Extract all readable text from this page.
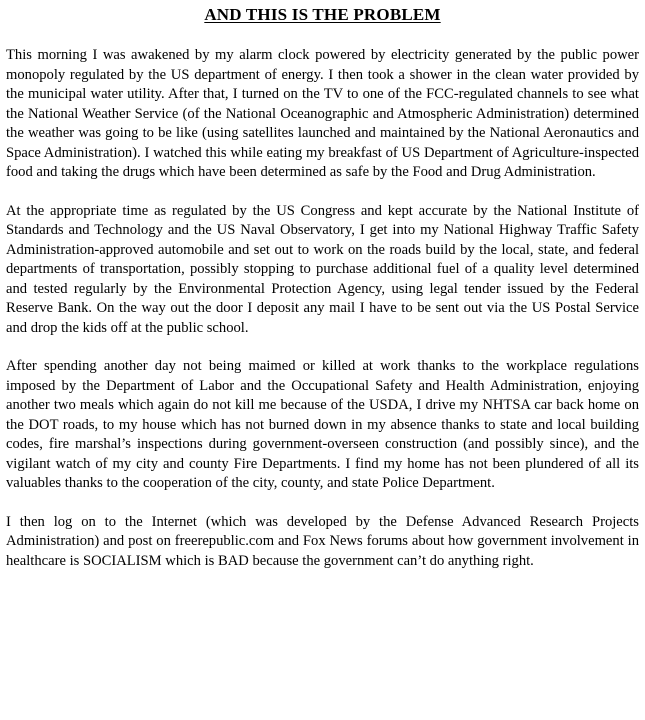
AND THIS IS THE PROBLEM

This morning I was awakened by my alarm clock powered by electricity generated by the public power monopoly regulated by the US department of energy. I then took a shower in the clean water provided by the municipal water utility. After that, I turned on the TV to one of the FCC-regulated channels to see what the National Weather Service (of the National Oceanographic and Atmospheric Administration) determined the weather was going to be like (using satellites launched and maintained by the National Aeronautics and Space Administration). I watched this while eating my breakfast of US Department of Agriculture-inspected food and taking the drugs which have been determined as safe by the Food and Drug Administration.

At the appropriate time as regulated by the US Congress and kept accurate by the National Institute of Standards and Technology and the US Naval Observatory, I get into my National Highway Traffic Safety Administration-approved automobile and set out to work on the roads build by the local, state, and federal departments of transportation, possibly stopping to purchase additional fuel of a quality level determined and tested regularly by the Environmental Protection Agency, using legal tender issued by the Federal Reserve Bank. On the way out the door I deposit any mail I have to be sent out via the US Postal Service and drop the kids off at the public school.

After spending another day not being maimed or killed at work thanks to the workplace regulations imposed by the Department of Labor and the Occupational Safety and Health Administration, enjoying another two meals which again do not kill me because of the USDA, I drive my NHTSA car back home on the DOT roads, to my house which has not burned down in my absence thanks to state and local building codes, fire marshal’s inspections during government-overseen construction (and possibly since), and the vigilant watch of my city and county Fire Departments. I find my home has not been plundered of all its valuables thanks to the cooperation of the city, county, and state Police Department.

I then log on to the Internet (which was developed by the Defense Advanced Research Projects Administration) and post on freerepublic.com and Fox News forums about how government involvement in healthcare is SOCIALISM which is BAD because the government can’t do anything right.
